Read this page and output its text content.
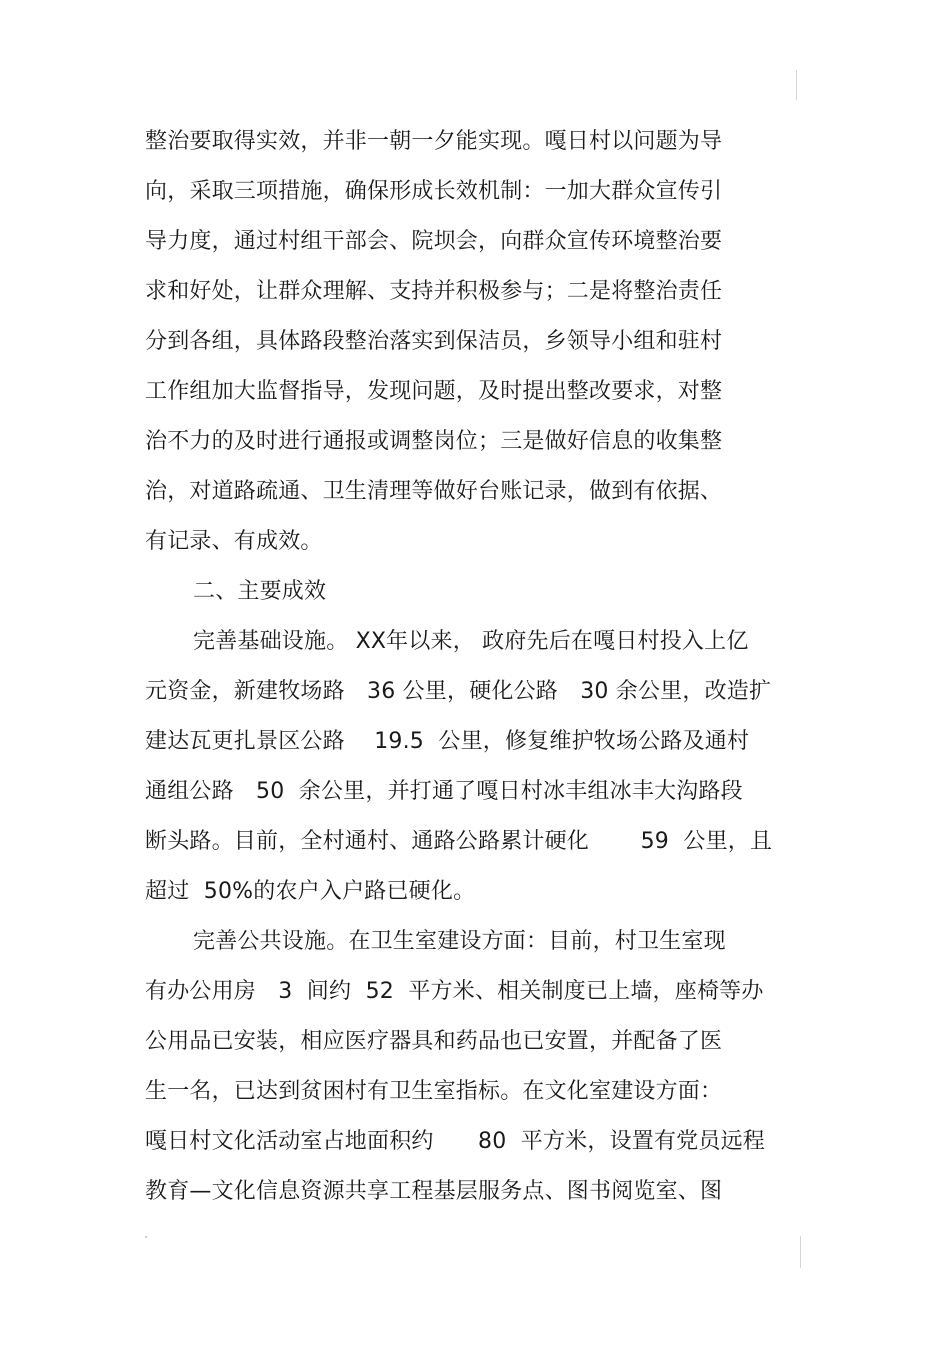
整治要取得实效，并非一朝一夕能实现。嘎日村以问题为导
向，采取三项措施，确保形成长效机制：一加大群众宣传引
导力度，通过村组干部会、院坝会，向群众宣传环境整治要
求和好处，让群众理解、支持并积极参与；二是将整治责任
分到各组，具体路段整治落实到保洁员，乡领导小组和驻村
工作组加大监督指导，发现问题，及时提出整改要求，对整
治不力的及时进行通报或调整岗位；三是做好信息的收集整
治，对道路疏通、卫生清理等做好台账记录，做到有依据、
有记录、有成效。
二、主要成效
完善基础设施。 XX年以来， 政府先后在嘎日村投入上亿
元资金，新建牧场路　36 公里，硬化公路　30 余公里，改造扩
建达瓦更扎景区公路　 19.5  公里，修复维护牧场公路及通村
通组公路　50  余公里，并打通了嘎日村冰丰组冰丰大沟路段
断头路。目前，全村通村、通路公路累计硬化　　 59  公里，且
超过  50%的农户入户路已硬化。
完善公共设施。在卫生室建设方面：目前，村卫生室现
有办公用房　3  间约  52  平方米、相关制度已上墙，座椅等办
公用品已安装，相应医疗器具和药品也已安置，并配备了医
生一名，已达到贫困村有卫生室指标。在文化室建设方面：
嘎日村文化活动室占地面积约　　80  平方米，设置有党员远程
教育—文化信息资源共享工程基层服务点、图书阅览室、图
